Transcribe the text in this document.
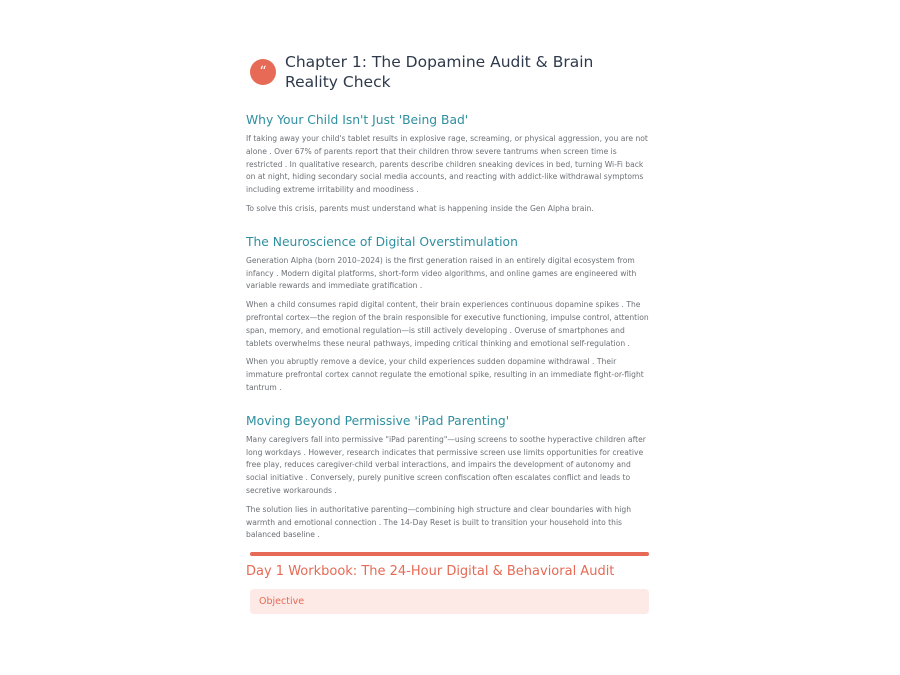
“
Chapter 1: The Dopamine Audit & Brain Reality Check
Why Your Child Isn't Just 'Being Bad'

If taking away your child's tablet results in explosive rage, screaming, or physical aggression, you are not alone . Over 67% of parents report that their children throw severe tantrums when screen time is restricted . In qualitative research, parents describe children sneaking devices in bed, turning Wi-Fi back on at night, hiding secondary social media accounts, and reacting with addict-like withdrawal symptoms including extreme irritability and moodiness .

To solve this crisis, parents must understand what is happening inside the Gen Alpha brain.

The Neuroscience of Digital Overstimulation

Generation Alpha (born 2010–2024) is the first generation raised in an entirely digital ecosystem from infancy . Modern digital platforms, short-form video algorithms, and online games are engineered with variable rewards and immediate gratification .

When a child consumes rapid digital content, their brain experiences continuous dopamine spikes . The prefrontal cortex—the region of the brain responsible for executive functioning, impulse control, attention span, memory, and emotional regulation—is still actively developing . Overuse of smartphones and tablets overwhelms these neural pathways, impeding critical thinking and emotional self-regulation .

When you abruptly remove a device, your child experiences sudden dopamine withdrawal . Their immature prefrontal cortex cannot regulate the emotional spike, resulting in an immediate fight-or-flight tantrum .

Moving Beyond Permissive 'iPad Parenting'

Many caregivers fall into permissive "iPad parenting"—using screens to soothe hyperactive children after long workdays . However, research indicates that permissive screen use limits opportunities for creative free play, reduces caregiver-child verbal interactions, and impairs the development of autonomy and social initiative . Conversely, purely punitive screen confiscation often escalates conflict and leads to secretive workarounds .

The solution lies in authoritative parenting—combining high structure and clear boundaries with high warmth and emotional connection . The 14-Day Reset is built to transition your household into this balanced baseline .

Day 1 Workbook: The 24-Hour Digital & Behavioral Audit
Objective
